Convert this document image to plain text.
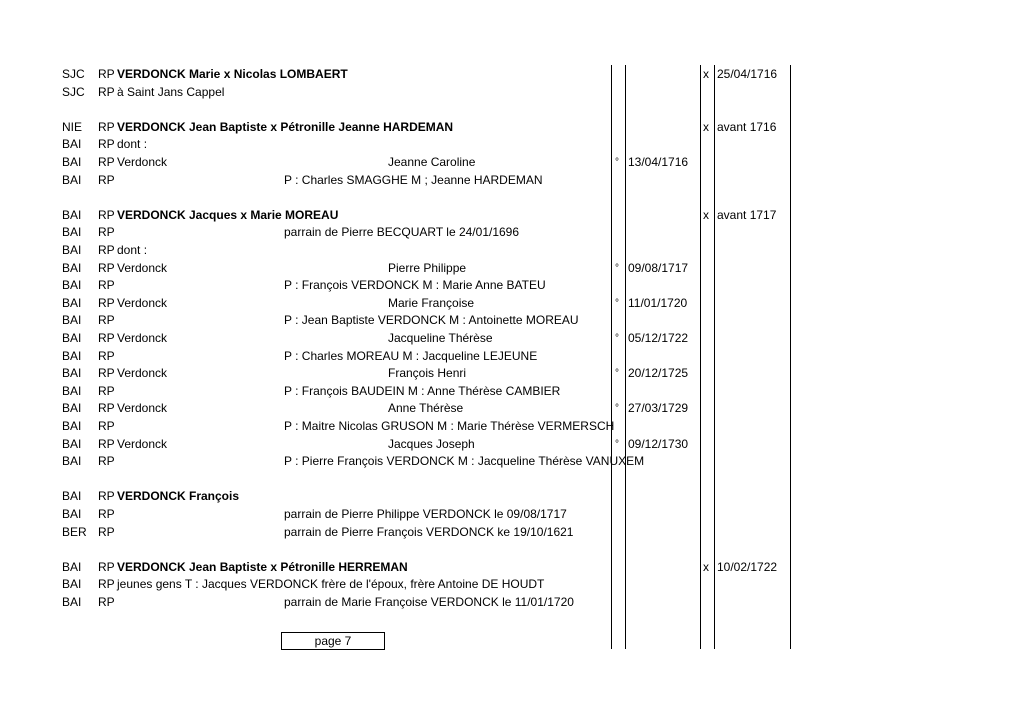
SJC RP VERDONCK Marie x Nicolas LOMBAERT	x 25/04/1716
SJC RP à Saint Jans Cappel
NIE RP VERDONCK Jean Baptiste x Pétronille Jeanne HARDEMAN	x avant 1716
BAI RP dont :
BAI RP Verdonck	Jeanne Caroline	° 13/04/1716
BAI RP	P : Charles SMAGGHE M ; Jeanne HARDEMAN
BAI RP VERDONCK Jacques x Marie MOREAU	x avant 1717
BAI RP	parrain de Pierre BECQUART le 24/01/1696
BAI RP dont :
BAI RP Verdonck	Pierre Philippe	° 09/08/1717
BAI RP	P : François VERDONCK M : Marie Anne BATEU
BAI RP Verdonck	Marie Françoise	° 11/01/1720
BAI RP	P : Jean Baptiste VERDONCK M : Antoinette MOREAU
BAI RP Verdonck	Jacqueline Thérèse	° 05/12/1722
BAI RP	P : Charles MOREAU M : Jacqueline LEJEUNE
BAI RP Verdonck	François Henri	° 20/12/1725
BAI RP	P : François BAUDEIN M : Anne Thérèse CAMBIER
BAI RP Verdonck	Anne Thérèse	° 27/03/1729
BAI RP	P : Maitre Nicolas GRUSON M : Marie Thérèse VERMERSCH
BAI RP Verdonck	Jacques Joseph	° 09/12/1730
BAI RP	P : Pierre François VERDONCK M : Jacqueline Thérèse VANUXEM
BAI RP VERDONCK François
BAI RP	parrain de Pierre Philippe VERDONCK le 09/08/1717
BER RP	parrain de Pierre François VERDONCK ke 19/10/1621
BAI RP VERDONCK Jean Baptiste x Pétronille HERREMAN	x 10/02/1722
BAI RP jeunes gens T : Jacques VERDONCK frère de l'époux, frère Antoine DE HOUDT
BAI RP	parrain de Marie Françoise VERDONCK le 11/01/1720
page 7
